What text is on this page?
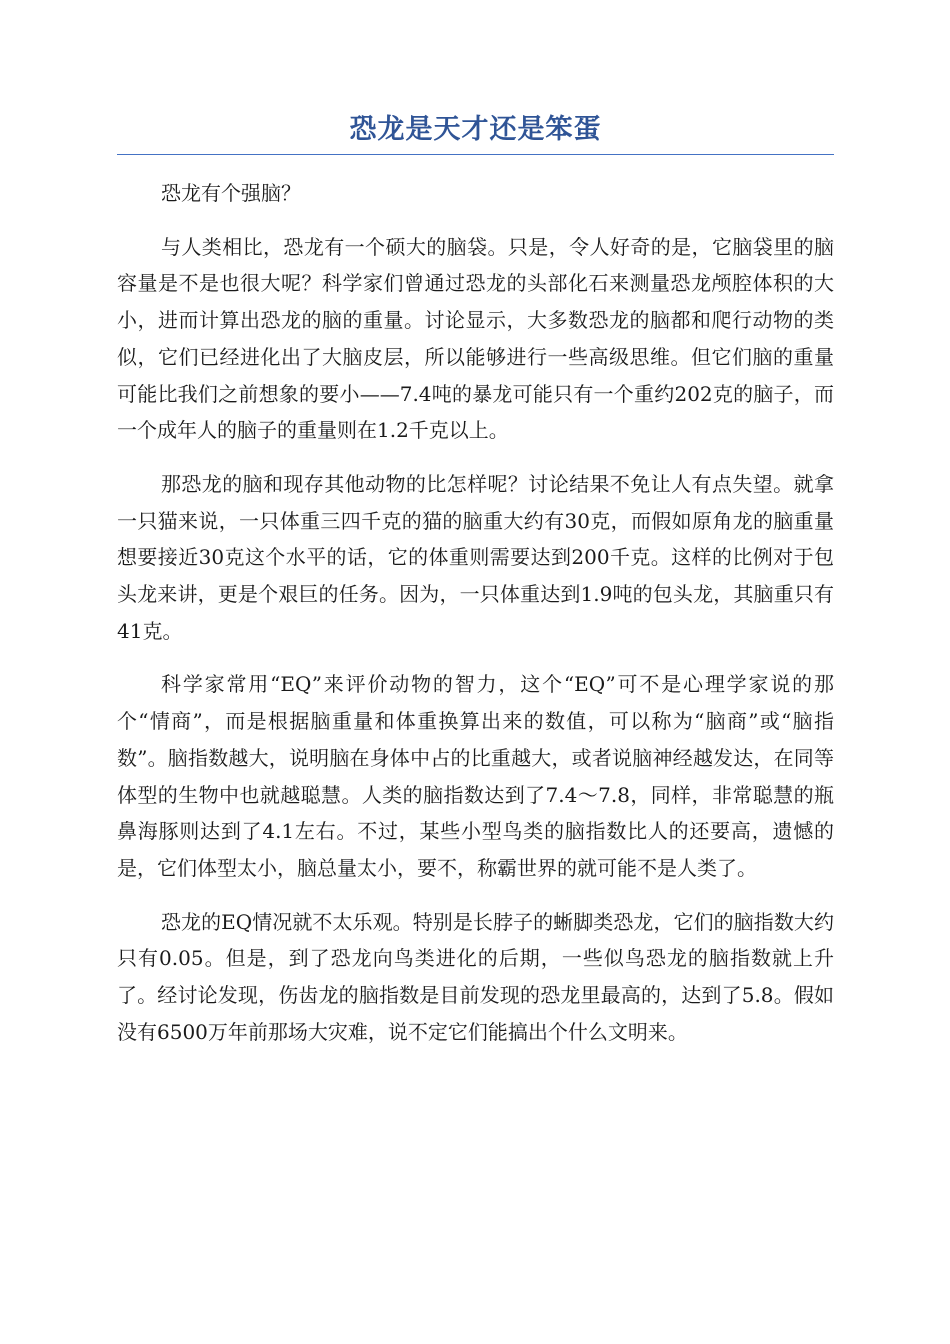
恐龙是天才还是笨蛋

恐龙有个强脑？

与人类相比，恐龙有一个硕大的脑袋。只是，令人好奇的是，它脑袋里的脑容量是不是也很大呢？科学家们曾通过恐龙的头部化石来测量恐龙颅腔体积的大小，进而计算出恐龙的脑的重量。讨论显示，大多数恐龙的脑都和爬行动物的类似，它们已经进化出了大脑皮层，所以能够进行一些高级思维。但它们脑的重量可能比我们之前想象的要小——7.4吨的暴龙可能只有一个重约202克的脑子，而一个成年人的脑子的重量则在1.2千克以上。

那恐龙的脑和现存其他动物的比怎样呢？讨论结果不免让人有点失望。就拿一只猫来说，一只体重三四千克的猫的脑重大约有30克，而假如原角龙的脑重量想要接近30克这个水平的话，它的体重则需要达到200千克。这样的比例对于包头龙来讲，更是个艰巨的任务。因为，一只体重达到1.9吨的包头龙，其脑重只有41克。

科学家常用“EQ”来评价动物的智力，这个“EQ”可不是心理学家说的那个“情商”，而是根据脑重量和体重换算出来的数值，可以称为“脑商”或“脑指数”。脑指数越大，说明脑在身体中占的比重越大，或者说脑神经越发达，在同等体型的生物中也就越聪慧。人类的脑指数达到了7.4～7.8，同样，非常聪慧的瓶鼻海豚则达到了4.1左右。不过，某些小型鸟类的脑指数比人的还要高，遗憾的是，它们体型太小，脑总量太小，要不，称霸世界的就可能不是人类了。

恐龙的EQ情况就不太乐观。特别是长脖子的蜥脚类恐龙，它们的脑指数大约只有0.05。但是，到了恐龙向鸟类进化的后期，一些似鸟恐龙的脑指数就上升了。经讨论发现，伤齿龙的脑指数是目前发现的恐龙里最高的，达到了5.8。假如没有6500万年前那场大灾难，说不定它们能搞出个什么文明来。
